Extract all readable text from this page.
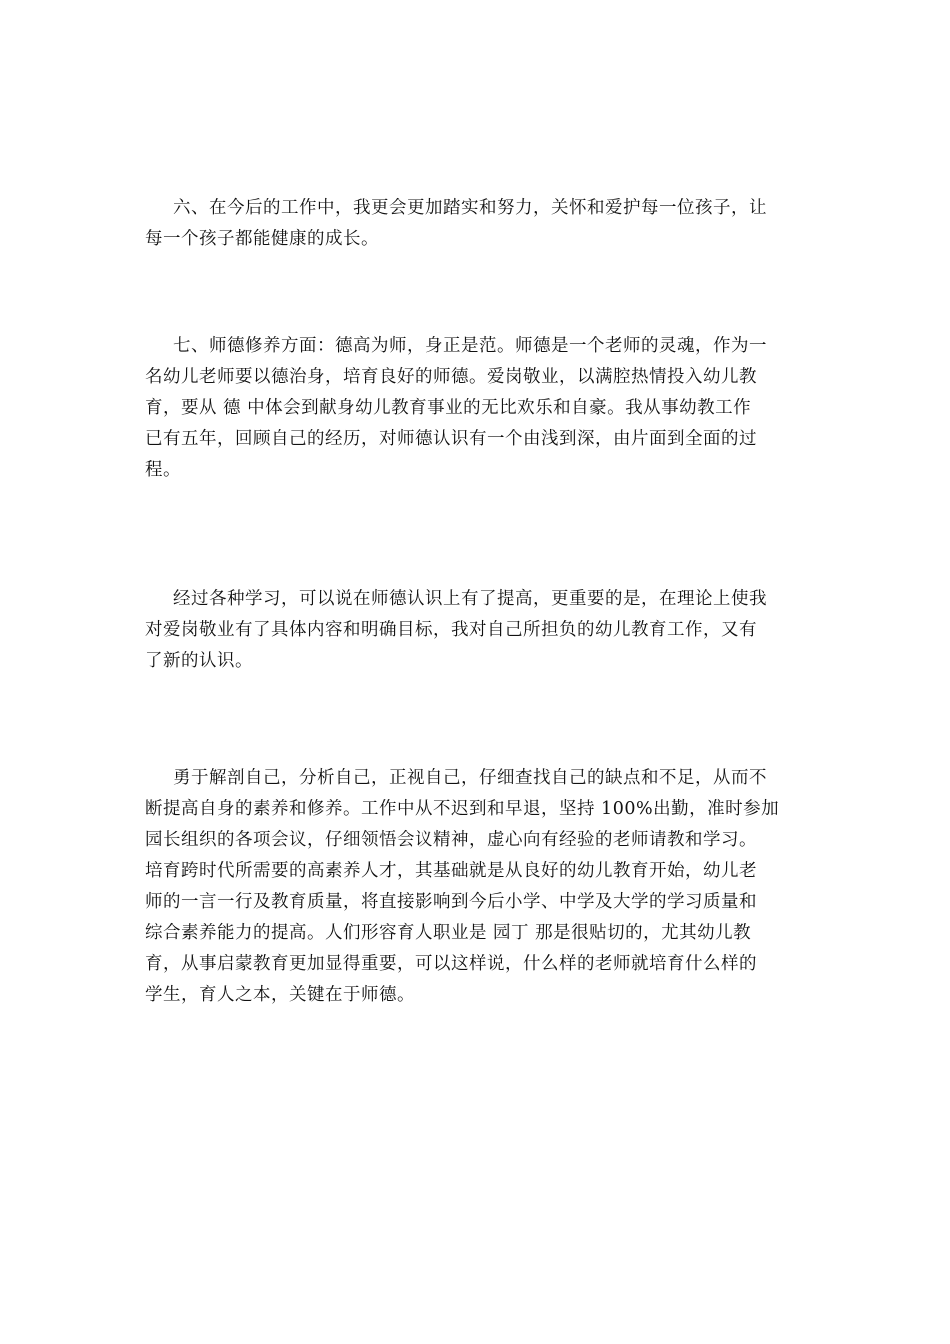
六、在今后的工作中，我更会更加踏实和努力，关怀和爱护每一位孩子，让
每一个孩子都能健康的成长。
七、师德修养方面：德高为师，身正是范。师德是一个老师的灵魂，作为一
名幼儿老师要以德治身，培育良好的师德。爱岗敬业，以满腔热情投入幼儿教
育，要从 德 中体会到献身幼儿教育事业的无比欢乐和自豪。我从事幼教工作
已有五年，回顾自己的经历，对师德认识有一个由浅到深，由片面到全面的过
程。
经过各种学习，可以说在师德认识上有了提高，更重要的是，在理论上使我
对爱岗敬业有了具体内容和明确目标，我对自己所担负的幼儿教育工作，又有
了新的认识。
勇于解剖自己，分析自己，正视自己，仔细查找自己的缺点和不足，从而不
断提高自身的素养和修养。工作中从不迟到和早退，坚持 100%出勤，准时参加
园长组织的各项会议，仔细领悟会议精神，虚心向有经验的老师请教和学习。
培育跨时代所需要的高素养人才，其基础就是从良好的幼儿教育开始，幼儿老
师的一言一行及教育质量，将直接影响到今后小学、中学及大学的学习质量和
综合素养能力的提高。人们形容育人职业是 园丁 那是很贴切的，尤其幼儿教
育，从事启蒙教育更加显得重要，可以这样说，什么样的老师就培育什么样的
学生，育人之本，关键在于师德。
